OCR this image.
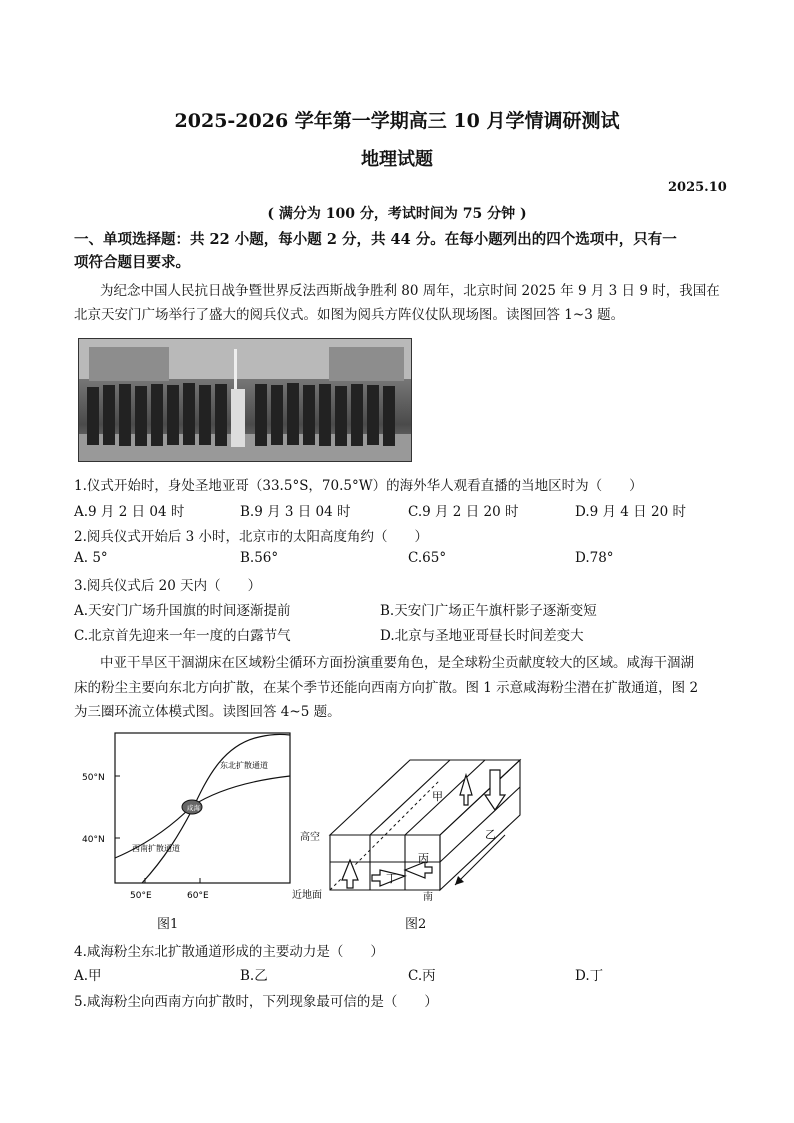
2025-2026 学年第一学期高三 10 月学情调研测试
地理试题
2025.10
( 满分为 100 分，考试时间为 75 分钟 )
一、单项选择题：共 22 小题，每小题 2 分，共 44 分。在每小题列出的四个选项中，只有一
项符合题目要求。
为纪念中国人民抗日战争暨世界反法西斯战争胜利 80 周年，北京时间 2025 年 9 月 3 日 9 时，我国在
北京天安门广场举行了盛大的阅兵仪式。如图为阅兵方阵仪仗队现场图。读图回答 1~3 题。
1.仪式开始时，身处圣地亚哥（33.5°S，70.5°W）的海外华人观看直播的当地区时为（　　）
A.9 月 2 日 04 时	B.9 月 3 日 04 时	C.9 月 2 日 20 时	D.9 月 4 日 20 时
2.阅兵仪式开始后 3 小时，北京市的太阳高度角约（　　）
A. 5°	B.56°	C.65°	D.78°
3.阅兵仪式后 20 天内（　　）
A.天安门广场升国旗的时间逐渐提前	B.天安门广场正午旗杆影子逐渐变短
C.北京首先迎来一年一度的白露节气	D.北京与圣地亚哥昼长时间差变大
中亚干旱区干涸湖床在区域粉尘循环方面扮演重要角色，是全球粉尘贡献度较大的区域。咸海干涸湖
床的粉尘主要向东北方向扩散，在某个季节还能向西南方向扩散。图 1 示意咸海粉尘潜在扩散通道，图 2
为三圈环流立体模式图。读图回答 4~5 题。
咸海
东北扩散通道
西南扩散通道
50°N
40°N
50°E	60°E
图1
甲
乙
丙
丁
高空
近地面	南
图2
4.咸海粉尘东北扩散通道形成的主要动力是（　　）
A.甲	B.乙	C.丙	D.丁
5.咸海粉尘向西南方向扩散时，下列现象最可信的是（　　）
